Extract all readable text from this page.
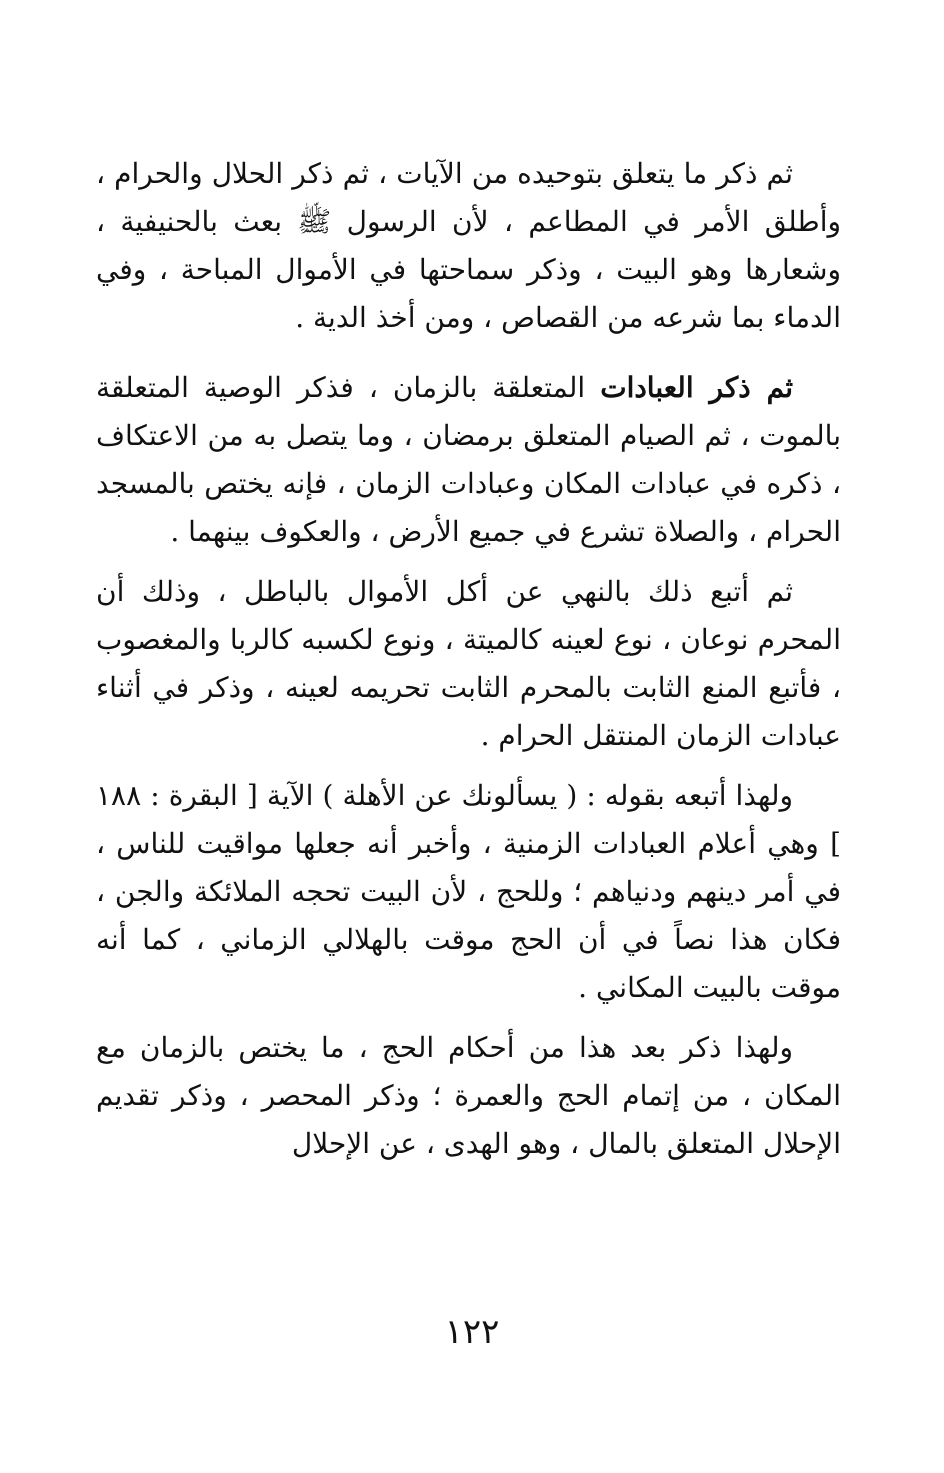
ثم ذكر ما يتعلق بتوحيده من الآيات ، ثم ذكر الحلال والحرام ، وأطلق الأمر في المطاعم ، لأن الرسول ﷺ بعث بالحنيفية ، وشعارها وهو البيت ، وذكر سماحتها في الأموال المباحة ، وفي الدماء بما شرعه من القصاص ، ومن أخذ الدية .

ثم ذكر العبادات المتعلقة بالزمان ، فذكر الوصية المتعلقة بالموت ، ثم الصيام المتعلق برمضان ، وما يتصل به من الاعتكاف ، ذكره في عبادات المكان وعبادات الزمان ، فإنه يختص بالمسجد الحرام ، والصلاة تشرع في جميع الأرض ، والعكوف بينهما .

ثم أتبع ذلك بالنهي عن أكل الأموال بالباطل ، وذلك أن المحرم نوعان ، نوع لعينه كالميتة ، ونوع لكسبه كالربا والمغصوب ، فأتبع المنع الثابت بالمحرم الثابت تحريمه لعينه ، وذكر في أثناء عبادات الزمان المنتقل الحرام .

ولهذا أتبعه بقوله : ( يسألونك عن الأهلة ) الآية [ البقرة : ١٨٨ ] وهي أعلام العبادات الزمنية ، وأخبر أنه جعلها مواقيت للناس ، في أمر دينهم ودنياهم ؛ وللحج ، لأن البيت تحجه الملائكة والجن ، فكان هذا نصاً في أن الحج موقت بالهلالي الزماني ، كما أنه موقت بالبيت المكاني .

ولهذا ذكر بعد هذا من أحكام الحج ، ما يختص بالزمان مع المكان ، من إتمام الحج والعمرة ؛ وذكر المحصر ، وذكر تقديم الإحلال المتعلق بالمال ، وهو الهدى ، عن الإحلال

١٢٢
